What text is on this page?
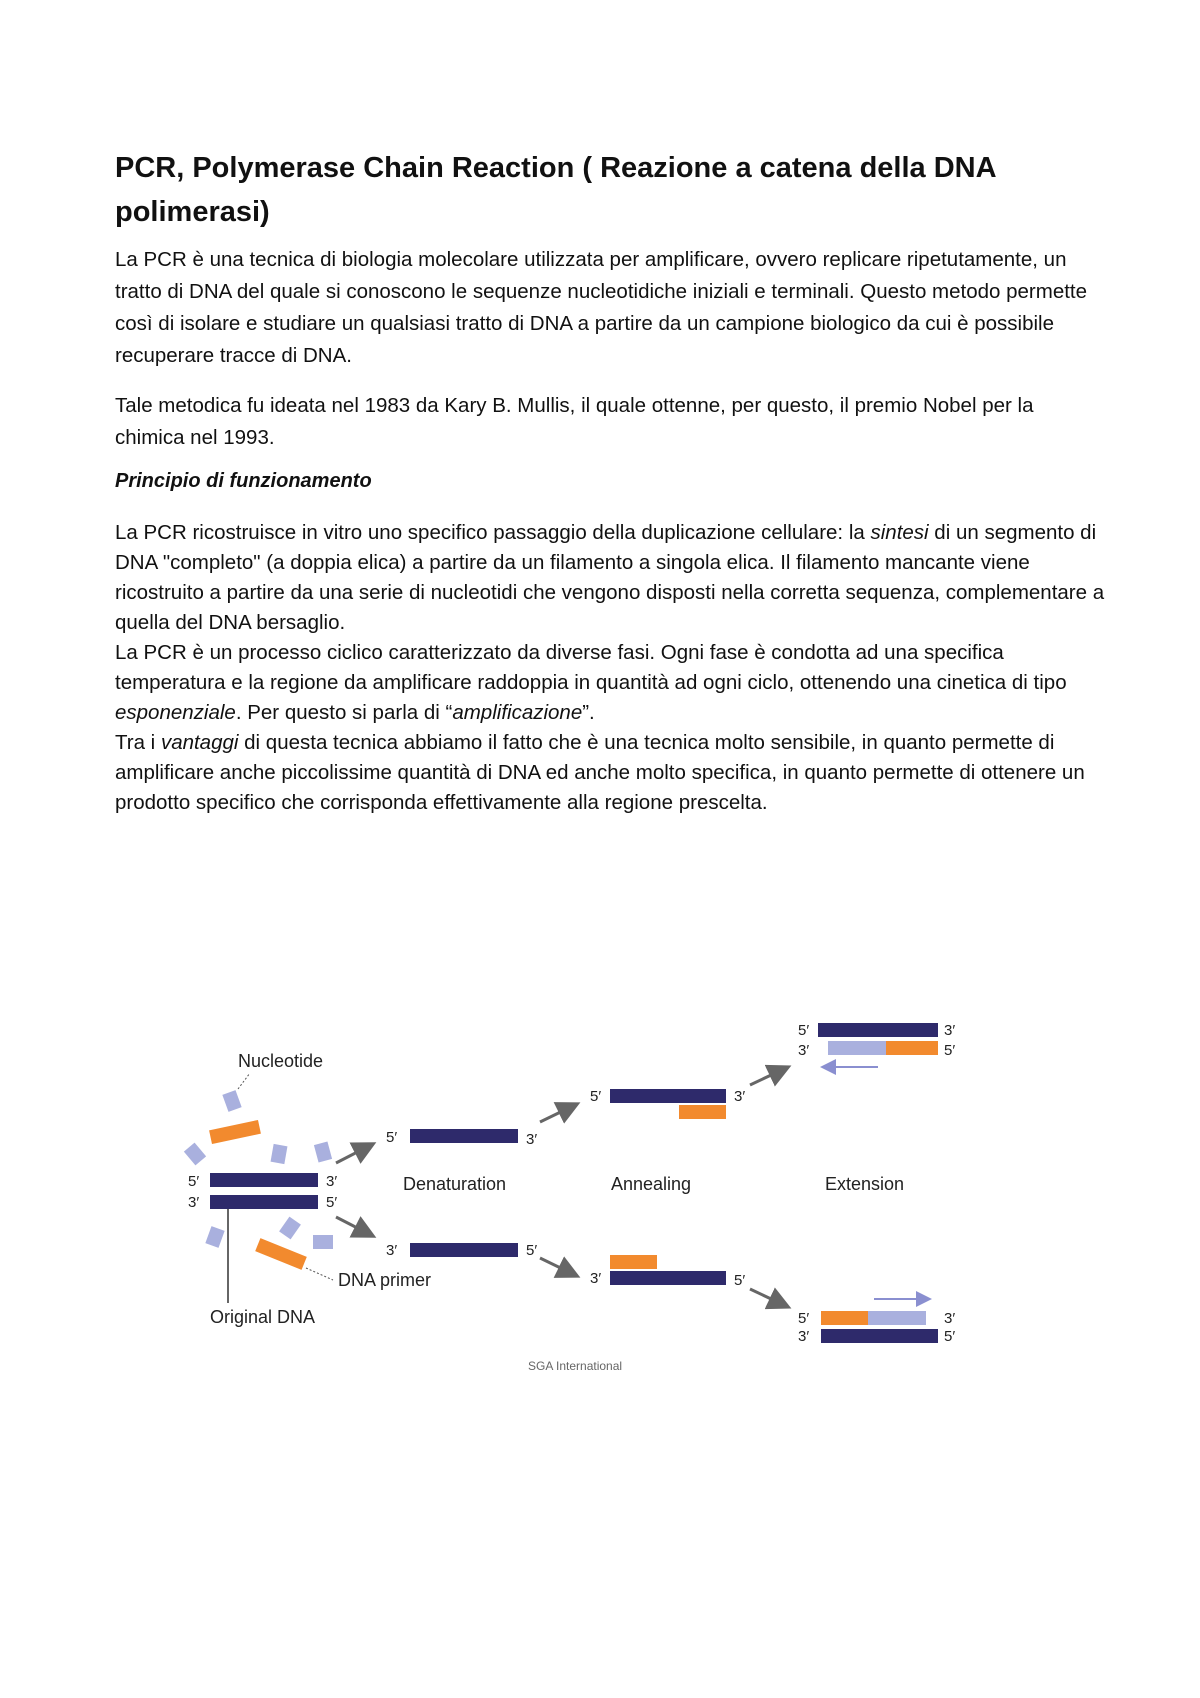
PCR, Polymerase Chain Reaction ( Reazione a catena della DNA polimerasi)

La PCR è una tecnica di biologia molecolare utilizzata per amplificare, ovvero replicare ripetutamente, un tratto di DNA del quale si conoscono le sequenze nucleotidiche iniziali e terminali. Questo metodo permette così di isolare e studiare un qualsiasi tratto di DNA a partire da un campione biologico da cui è possibile recuperare tracce di DNA.

Tale metodica fu ideata nel 1983 da Kary B. Mullis, il quale ottenne, per questo, il premio Nobel per la chimica nel 1993.

Principio di funzionamento
La PCR ricostruisce in vitro uno specifico passaggio della duplicazione cellulare: la sintesi di un segmento di DNA "completo" (a doppia elica) a partire da un filamento a singola elica. Il filamento mancante viene ricostruito a partire da una serie di nucleotidi che vengono disposti nella corretta sequenza, complementare a quella del DNA bersaglio.
La PCR è un processo ciclico caratterizzato da diverse fasi. Ogni fase è condotta ad una specifica temperatura e la regione da amplificare raddoppia in quantità ad ogni ciclo, ottenendo una cinetica di tipo esponenziale. Per questo si parla di “amplificazione”.
Tra i vantaggi di questa tecnica abbiamo il fatto che è una tecnica molto sensibile, in quanto permette di amplificare anche piccolissime quantità di DNA ed anche molto specifica, in quanto permette di ottenere un prodotto specifico che corrisponda effettivamente alla regione prescelta.
Nucleotide
DNA primer
Original DNA
Denaturation	Annealing	Extension
SGA International
5′
3′
3′
5′
5′	3′
3′	5′
5′	3′
3′	5′
5′
3′
3′
5′
5′
3′
3′
5′
